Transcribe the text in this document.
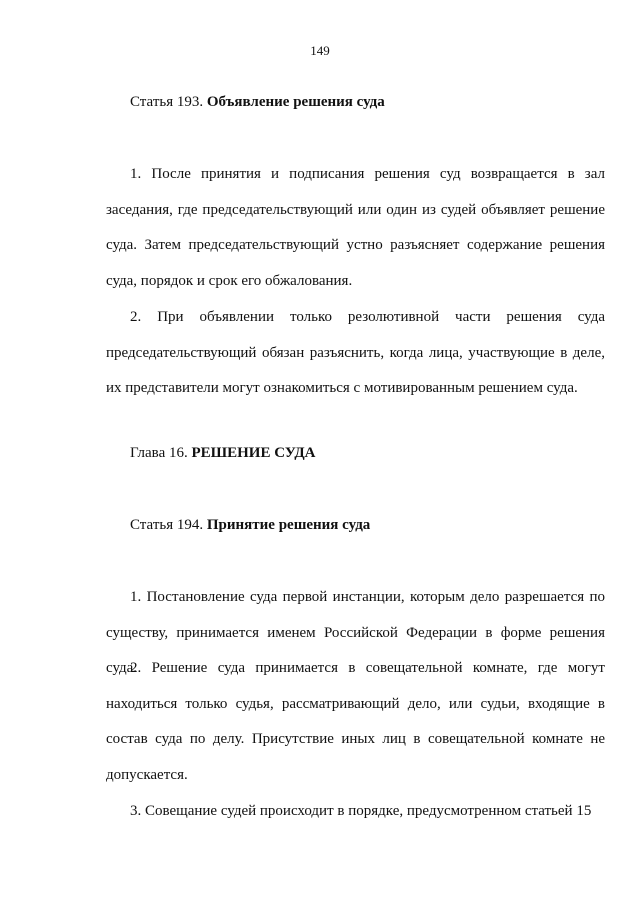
149
Статья 193. Объявление решения суда

1. После принятия и подписания решения суд возвращается в зал заседания, где председательствующий или один из судей объявляет решение суда. Затем председательствующий устно разъясняет содержание решения суда, порядок и срок его обжалования.

2. При объявлении только резолютивной части решения суда председательствующий обязан разъяснить, когда лица, участвующие в деле, их представители могут ознакомиться с мотивированным решением суда.

Глава 16. РЕШЕНИЕ СУДА
Статья 194. Принятие решения суда

1. Постановление суда первой инстанции, которым дело разрешается по существу, принимается именем Российской Федерации в форме решения суда.

2. Решение суда принимается в совещательной комнате, где могут находиться только судья, рассматривающий дело, или судьи, входящие в состав суда по делу. Присутствие иных лиц в совещательной комнате не допускается.

3. Совещание судей происходит в порядке, предусмотренном статьей 15
